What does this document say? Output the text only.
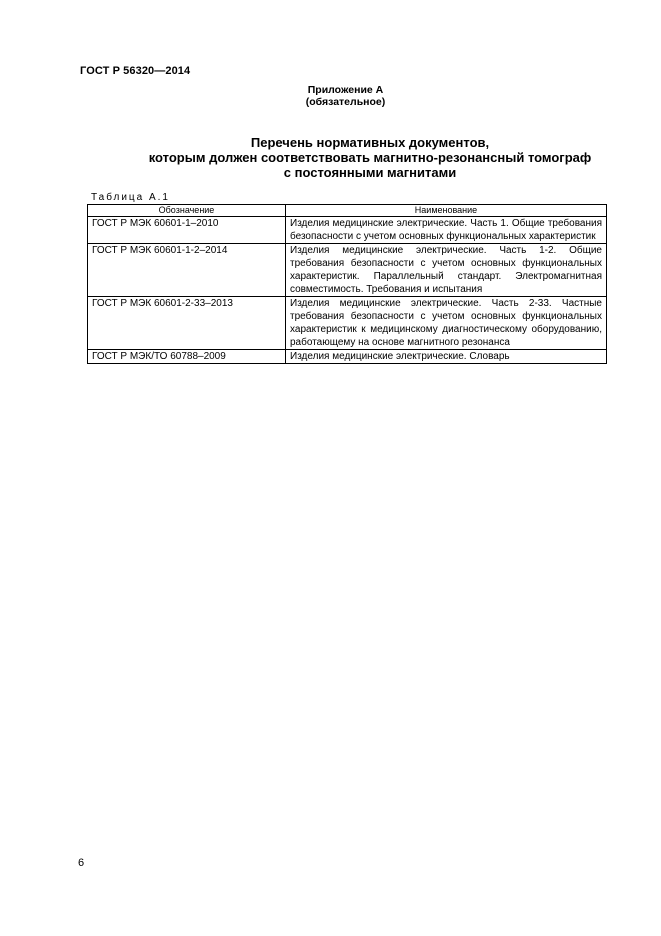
ГОСТ Р 56320—2014
Приложение А
(обязательное)
Перечень нормативных документов,
которым должен соответствовать магнитно-резонансный томограф
с постоянными магнитами
Таблица А.1
Обозначение	Наименование
ГОСТ Р МЭК 60601-1–2010	Изделия медицинские электрические. Часть 1. Общие требования безопасности с учетом основных функциональных характеристик
ГОСТ Р МЭК 60601-1-2–2014	Изделия медицинские электрические. Часть 1-2. Общие требования безопасности с учетом основных функциональных характеристик. Параллельный стандарт. Электромагнитная совместимость. Требования и испытания
ГОСТ Р МЭК 60601-2-33–2013	Изделия медицинские электрические. Часть 2-33. Частные требования безопасности с учетом основных функциональных характеристик к медицинскому диагностическому оборудованию, работающему на основе магнитного резонанса
ГОСТ Р МЭК/ТО 60788–2009	Изделия медицинские электрические. Словарь
6
